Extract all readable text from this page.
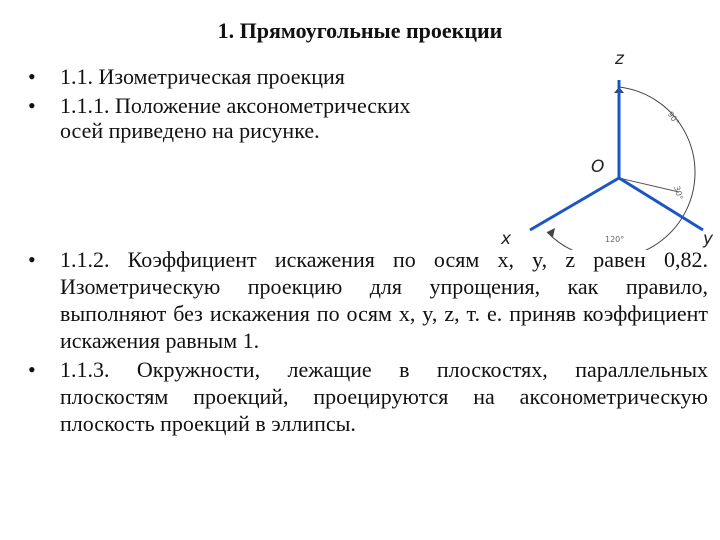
1. Прямоугольные проекции
• 1.1. Изометрическая проекция
• 1.1.1. Положение аксонометрических осей приведено на рисунке.
z
O
x	y
90°
30°
120°
• 1.1.2. Коэффициент искажения по осям x, y, z равен 0,82. Изометрическую проекцию для упрощения, как правило, выполняют без искажения по осям x, y, z, т. е. приняв коэффициент искажения равным 1.
• 1.1.3. Окружности, лежащие в плоскостях, параллельных плоскостям проекций, проецируются на аксонометрическую плоскость проекций в эллипсы.
